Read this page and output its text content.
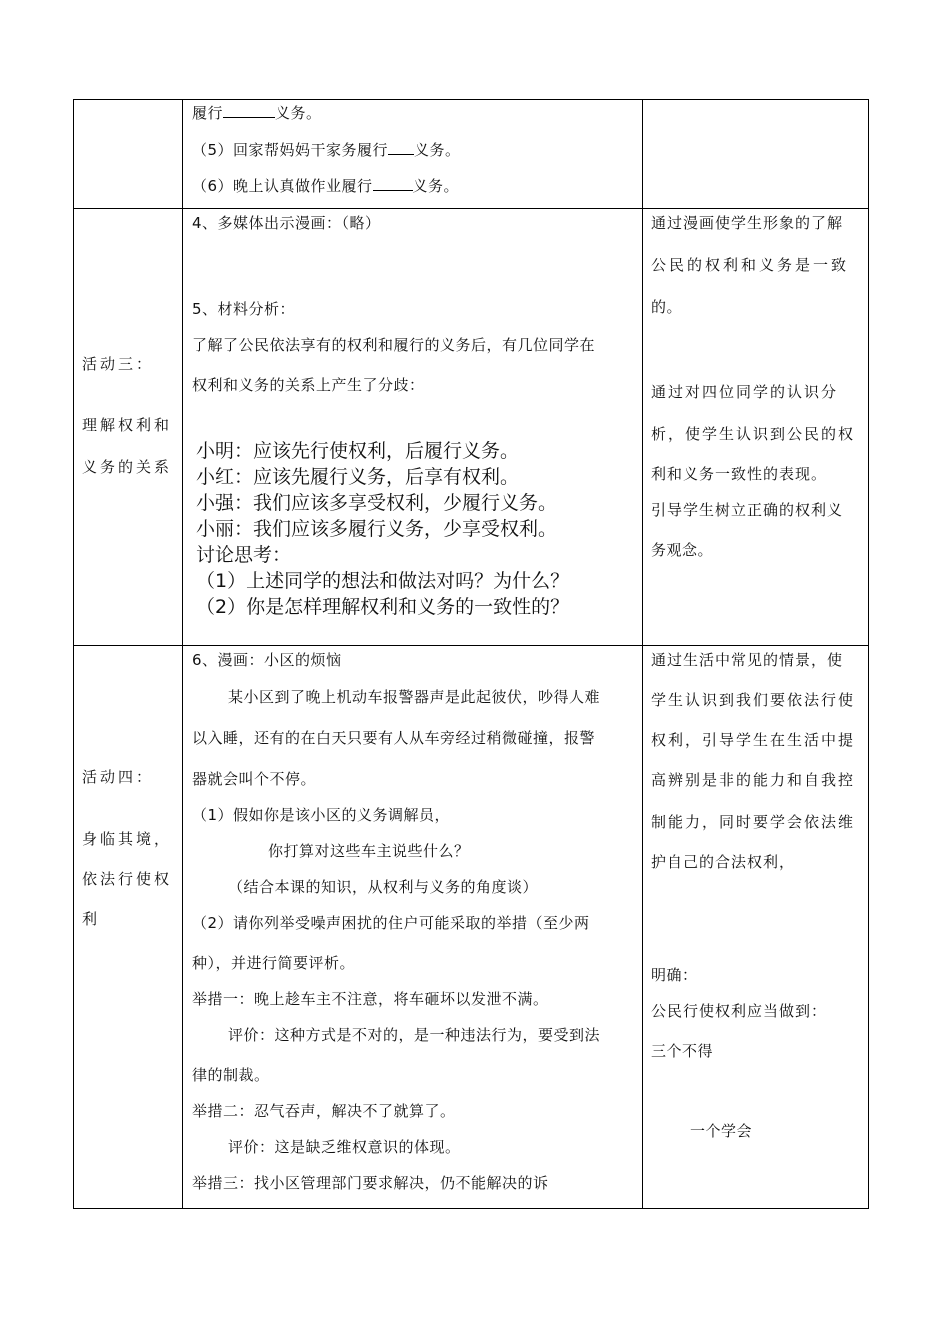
履行	义务。
（5）回家帮妈妈干家务履行 义务。
（6）晚上认真做作业履行	义务。
活动三：
理解权利和
义务的关系
4、多媒体出示漫画：（略）
5、材料分析：
了解了公民依法享有的权利和履行的义务后，有几位同学在
权利和义务的关系上产生了分歧：
小明：应该先行使权利，后履行义务。
小红：应该先履行义务，后享有权利。
小强：我们应该多享受权利，少履行义务。
小丽：我们应该多履行义务，少享受权利。
讨论思考：
（1）上述同学的想法和做法对吗？为什么？
（2）你是怎样理解权利和义务的一致性的？
通过漫画使学生形象的了解
公民的权利和义务是一致
的。
通过对四位同学的认识分
析，使学生认识到公民的权
利和义务一致性的表现。
引导学生树立正确的权利义
务观念。
活动四：
身临其境，
依法行使权
利
6、漫画：小区的烦恼
某小区到了晚上机动车报警器声是此起彼伏，吵得人难
以入睡，还有的在白天只要有人从车旁经过稍微碰撞，报警
器就会叫个不停。
（1）假如你是该小区的义务调解员，
你打算对这些车主说些什么？
（结合本课的知识，从权利与义务的角度谈）
（2）请你列举受噪声困扰的住户可能采取的举措（至少两
种），并进行简要评析。
举措一：晚上趁车主不注意，将车砸坏以发泄不满。
评价：这种方式是不对的，是一种违法行为，要受到法
律的制裁。
举措二：忍气吞声，解决不了就算了。
评价：这是缺乏维权意识的体现。
举措三：找小区管理部门要求解决，仍不能解决的诉
通过生活中常见的情景，使
学生认识到我们要依法行使
权利，引导学生在生活中提
高辨别是非的能力和自我控
制能力，同时要学会依法维
护自己的合法权利，
明确：
公民行使权利应当做到：
三个不得
一个学会
